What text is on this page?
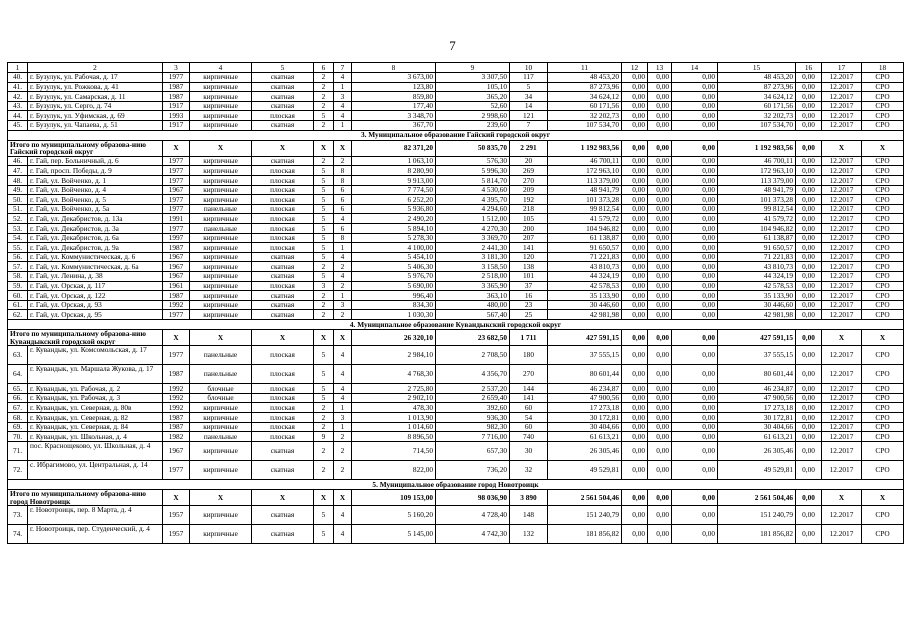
7
1	2	3	4	5	6	7	8	9	10	11	12	13	14	15	16	17	18
40.	г. Бузулук, ул. Рабочая, д. 17	1977	кирпичные	скатная	2	4	3 673,00	3 307,50	117	48 453,20	0,00	0,00	0,00	48 453,20	0,00	12.2017	СРО
41.	г. Бузулук, ул. Рожкова, д. 41	1987	кирпичные	скатная	2	1	123,80	105,10	5	87 273,96	0,00	0,00	0,00	87 273,96	0,00	12.2017	СРО
42.	г. Бузулук, ул. Самарская, д. 11	1987	кирпичные	скатная	2	3	859,80	365,20	34	34 624,12	0,00	0,00	0,00	34 624,12	0,00	12.2017	СРО
43.	г. Бузулук, ул. Серго, д. 74	1917	кирпичные	скатная	2	4	177,40	52,60	14	60 171,56	0,00	0,00	0,00	60 171,56	0,00	12.2017	СРО
44.	г. Бузулук, ул. Уфимская, д. 69	1993	кирпичные	плоская	5	4	3 348,70	2 998,60	121	32 202,73	0,00	0,00	0,00	32 202,73	0,00	12.2017	СРО
45.	г. Бузулук, ул. Чапаева, д. 51	1917	кирпичные	скатная	2	1	367,70	239,60	7	107 534,70	0,00	0,00	0,00	107 534,70	0,00	12.2017	СРО
3. Муниципальное образование Гайский городской округ																	
Итого по муниципальному образова-нию Гайский городской округ		Х	Х	Х	Х	Х	82 371,20	50 835,70	2 291	1 192 983,56	0,00	0,00	0,00	1 192 983,56	0,00	Х	Х
46.	г. Гай, пер. Больничный, д. 6	1977	кирпичные	скатная	2	2	1 063,10	576,30	20	46 700,11	0,00	0,00	0,00	46 700,11	0,00	12.2017	СРО
47.	г. Гай, просп. Победы, д. 9	1977	кирпичные	плоская	5	8	8 280,90	5 996,30	269	172 963,10	0,00	0,00	0,00	172 963,10	0,00	12.2017	СРО
48.	г. Гай, ул. Войченко, д. 1	1977	кирпичные	плоская	5	8	9 913,00	5 814,70	270	113 379,00	0,00	0,00	0,00	113 379,00	0,00	12.2017	СРО
49.	г. Гай, ул. Войченко, д. 4	1967	кирпичные	плоская	5	6	7 774,50	4 530,60	209	48 941,79	0,00	0,00	0,00	48 941,79	0,00	12.2017	СРО
50.	г. Гай, ул. Войченко, д. 5	1977	кирпичные	плоская	5	6	6 252,20	4 395,70	192	101 373,28	0,00	0,00	0,00	101 373,28	0,00	12.2017	СРО
51.	г. Гай, ул. Войченко, д. 5а	1977	панельные	плоская	5	6	5 936,80	4 294,60	218	99 812,54	0,00	0,00	0,00	99 812,54	0,00	12.2017	СРО
52.	г. Гай, ул. Декабристов, д. 13а	1991	кирпичные	плоская	5	4	2 490,20	1 512,00	105	41 579,72	0,00	0,00	0,00	41 579,72	0,00	12.2017	СРО
53.	г. Гай, ул. Декабристов, д. 3а	1977	панельные	плоская	5	6	5 894,10	4 270,30	200	104 946,82	0,00	0,00	0,00	104 946,82	0,00	12.2017	СРО
54.	г. Гай, ул. Декабристов, д. 6а	1997	кирпичные	плоская	5	8	5 278,30	3 369,70	207	61 138,87	0,00	0,00	0,00	61 138,87	0,00	12.2017	СРО
55.	г. Гай, ул. Декабристов, д. 9а	1987	кирпичные	плоская	5	1	4 100,00	2 441,30	141	91 650,57	0,00	0,00	0,00	91 650,57	0,00	12.2017	СРО
56.	г. Гай, ул. Коммунистическая, д. 6	1967	кирпичные	скатная	5	4	5 454,10	3 181,30	120	71 221,83	0,00	0,00	0,00	71 221,83	0,00	12.2017	СРО
57.	г. Гай, ул. Коммунистическая, д. 6а	1967	кирпичные	скатная	2	2	5 406,30	3 158,50	138	43 810,73	0,00	0,00	0,00	43 810,73	0,00	12.2017	СРО
58.	г. Гай, ул. Ленина, д. 38	1967	кирпичные	скатная	5	4	5 976,70	2 518,00	101	44 324,19	0,00	0,00	0,00	44 324,19	0,00	12.2017	СРО
59.	г. Гай, ул. Орская, д. 117	1961	кирпичные	плоская	3	2	5 690,00	3 365,90	37	42 578,53	0,00	0,00	0,00	42 578,53	0,00	12.2017	СРО
60.	г. Гай, ул. Орская, д. 122	1987	кирпичные	скатная	2	1	996,40	363,10	16	35 133,90	0,00	0,00	0,00	35 133,90	0,00	12.2017	СРО
61.	г. Гай, ул. Орская, д. 93	1992	кирпичные	скатная	2	3	834,30	480,00	23	30 446,60	0,00	0,00	0,00	30 446,60	0,00	12.2017	СРО
62.	г. Гай, ул. Орская, д. 95	1977	кирпичные	скатная	2	2	1 030,30	567,40	25	42 981,98	0,00	0,00	0,00	42 981,98	0,00	12.2017	СРО
4. Муниципальное образование Кувандыкский городской округ																	
Итого по муниципальному образова-нию Кувандыкский городской округ		Х	Х	Х	Х	Х	26 320,10	23 682,50	1 711	427 591,15	0,00	0,00	0,00	427 591,15	0,00	Х	Х
63.	г. Кувандык, ул. Комсомольская, д. 17	1977	панельные	плоская	5	4	2 984,10	2 708,50	180	37 555,15	0,00	0,00	0,00	37 555,15	0,00	12.2017	СРО
64.	г. Кувандык, ул. Маршала Жукова, д. 17	1987	панельные	плоская	5	4	4 768,30	4 356,70	270	80 601,44	0,00	0,00	0,00	80 601,44	0,00	12.2017	СРО
65.	г. Кувандык, ул. Рабочая, д. 2	1992	блочные	плоская	5	4	2 725,80	2 537,20	144	46 234,87	0,00	0,00	0,00	46 234,87	0,00	12.2017	СРО
66.	г. Кувандык, ул. Рабочая, д. 3	1992	блочные	плоская	5	4	2 902,10	2 659,40	141	47 900,56	0,00	0,00	0,00	47 900,56	0,00	12.2017	СРО
67.	г. Кувандык, ул. Северная, д. 80в	1992	кирпичные	плоская	2	1	478,30	392,60	60	17 273,18	0,00	0,00	0,00	17 273,18	0,00	12.2017	СРО
68.	г. Кувандык, ул. Северная, д. 82	1987	кирпичные	плоская	2	3	1 013,90	936,30	54	30 172,81	0,00	0,00	0,00	30 172,81	0,00	12.2017	СРО
69.	г. Кувандык, ул. Северная, д. 84	1987	кирпичные	плоская	2	1	1 014,60	982,30	60	30 404,66	0,00	0,00	0,00	30 404,66	0,00	12.2017	СРО
70.	г. Кувандык, ул. Школьная, д. 4	1982	панельные	плоская	9	2	8 896,50	7 716,00	740	61 613,21	0,00	0,00	0,00	61 613,21	0,00	12.2017	СРО
71.	пос. Краснощеково, ул. Школьная, д. 4	1967	кирпичные	скатная	2	2	714,50	657,30	30	26 305,46	0,00	0,00	0,00	26 305,46	0,00	12.2017	СРО
72.	с. Ибрагимово, ул. Центральная, д. 14	1977	кирпичные	скатная	2	2	822,00	736,20	32	49 529,81	0,00	0,00	0,00	49 529,81	0,00	12.2017	СРО
5. Муниципальное образование город Новотроицк																	
Итого по муниципальному образова-нию город Новотроицк		Х	Х	Х	Х	Х	109 153,00	98 036,90	3 890	2 561 504,46	0,00	0,00	0,00	2 561 504,46	0,00	Х	Х
73.	г. Новотроицк, пер. 8 Марта, д. 4	1957	кирпичные	скатная	5	4	5 160,20	4 728,40	148	151 240,79	0,00	0,00	0,00	151 240,79	0,00	12.2017	СРО
74.	г. Новотроицк, пер. Студенческий, д. 4	1957	кирпичные	скатная	5	4	5 145,00	4 742,30	132	181 856,82	0,00	0,00	0,00	181 856,82	0,00	12.2017	СРО
